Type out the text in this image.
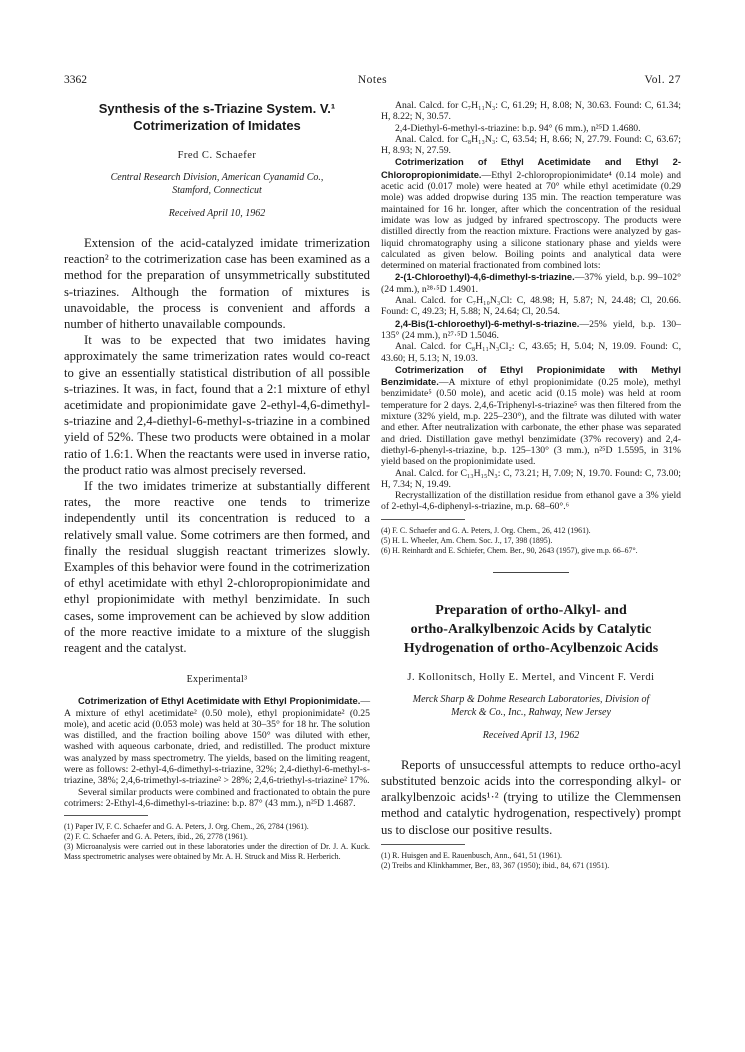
3362	Notes	Vol. 27
Synthesis of the s-Triazine System. V.¹
Cotrimerization of Imidates
Fred C. Schaefer
Central Research Division, American Cyanamid Co.,
Stamford, Connecticut
Received April 10, 1962

Extension of the acid-catalyzed imidate trimerization reaction² to the cotrimerization case has been examined as a method for the preparation of unsymmetrically substituted s-triazines. Although the formation of mixtures is unavoidable, the process is convenient and affords a number of hitherto unavailable compounds.

It was to be expected that two imidates having approximately the same trimerization rates would co-react to give an essentially statistical distribution of all possible s-triazines. It was, in fact, found that a 2:1 mixture of ethyl acetimidate and propionimidate gave 2-ethyl-4,6-dimethyl-s-triazine and 2,4-diethyl-6-methyl-s-triazine in a combined yield of 52%. These two products were obtained in a molar ratio of 1.6:1. When the reactants were used in inverse ratio, the product ratio was almost precisely reversed.

If the two imidates trimerize at substantially different rates, the more reactive one tends to trimerize independently until its concentration is reduced to a relatively small value. Some cotrimers are then formed, and finally the residual sluggish reactant trimerizes slowly. Examples of this behavior were found in the cotrimerization of ethyl acetimidate with ethyl 2-chloropropionimidate and ethyl propionimidate with methyl benzimidate. In such cases, some improvement can be achieved by slow addition of the more reactive imidate to a mixture of the sluggish reagent and the catalyst.

Experimental³

Cotrimerization of Ethyl Acetimidate with Ethyl Propionimidate.—A mixture of ethyl acetimidate² (0.50 mole), ethyl propionimidate² (0.25 mole), and acetic acid (0.053 mole) was held at 30–35° for 18 hr. The solution was distilled, and the fraction boiling above 150° was diluted with ether, washed with aqueous carbonate, dried, and redistilled. The product mixture was analyzed by mass spectrometry. The yields, based on the limiting reagent, were as follows: 2-ethyl-4,6-dimethyl-s-triazine, 32%; 2,4-diethyl-6-methyl-s-triazine, 38%; 2,4,6-trimethyl-s-triazine² > 28%; 2,4,6-triethyl-s-triazine² 17%.

Several similar products were combined and fractionated to obtain the pure cotrimers: 2-Ethyl-4,6-dimethyl-s-triazine: b.p. 87° (43 mm.), n²⁵D 1.4687.

(1) Paper IV, F. C. Schaefer and G. A. Peters, J. Org. Chem., 26, 2784 (1961).

(2) F. C. Schaefer and G. A. Peters, ibid., 26, 2778 (1961).

(3) Microanalysis were carried out in these laboratories under the direction of Dr. J. A. Kuck. Mass spectrometric analyses were obtained by Mr. A. H. Struck and Miss R. Herberich.

Anal. Calcd. for C₇H₁₁N₃: C, 61.29; H, 8.08; N, 30.63. Found: C, 61.34; H, 8.22; N, 30.57.

2,4-Diethyl-6-methyl-s-triazine: b.p. 94° (6 mm.), n²⁵D 1.4680.

Anal. Calcd. for C₈H₁₃N₃: C, 63.54; H, 8.66; N, 27.79. Found: C, 63.67; H, 8.93; N, 27.59.

Cotrimerization of Ethyl Acetimidate and Ethyl 2-Chloropropionimidate.—Ethyl 2-chloropropionimidate⁴ (0.14 mole) and acetic acid (0.017 mole) were heated at 70° while ethyl acetimidate (0.29 mole) was added dropwise during 135 min. The reaction temperature was maintained for 16 hr. longer, after which the concentration of the residual imidate was low as judged by infrared spectroscopy. The products were distilled directly from the reaction mixture. Fractions were analyzed by gas-liquid chromatography using a silicone stationary phase and yields were calculated as given below. Boiling points and analytical data were determined on material fractionated from combined lots:

2-(1-Chloroethyl)-4,6-dimethyl-s-triazine.—37% yield, b.p. 99–102° (24 mm.), n²⁸·⁵D 1.4901.

Anal. Calcd. for C₇H₁₀N₃Cl: C, 48.98; H, 5.87; N, 24.48; Cl, 20.66. Found: C, 49.23; H, 5.88; N, 24.64; Cl, 20.54.

2,4-Bis(1-chloroethyl)-6-methyl-s-triazine.—25% yield, b.p. 130–135° (24 mm.), n²⁷·⁵D 1.5046.

Anal. Calcd. for C₈H₁₁N₃Cl₂: C, 43.65; H, 5.04; N, 19.09. Found: C, 43.60; H, 5.13; N, 19.03.

Cotrimerization of Ethyl Propionimidate with Methyl Benzimidate.—A mixture of ethyl propionimidate (0.25 mole), methyl benzimidate⁵ (0.50 mole), and acetic acid (0.15 mole) was held at room temperature for 2 days. 2,4,6-Triphenyl-s-triazine⁵ was then filtered from the mixture (32% yield, m.p. 225–230°), and the filtrate was diluted with water and ether. After neutralization with carbonate, the ether phase was separated and dried. Distillation gave methyl benzimidate (37% recovery) and 2,4-diethyl-6-phenyl-s-triazine, b.p. 125–130° (3 mm.), n²⁵D 1.5595, in 31% yield based on the propionimidate used.

Anal. Calcd. for C₁₃H₁₅N₃: C, 73.21; H, 7.09; N, 19.70. Found: C, 73.00; H, 7.34; N, 19.49.

Recrystallization of the distillation residue from ethanol gave a 3% yield of 2-ethyl-4,6-diphenyl-s-triazine, m.p. 68–60°.⁶

(4) F. C. Schaefer and G. A. Peters, J. Org. Chem., 26, 412 (1961).

(5) H. L. Wheeler, Am. Chem. Soc. J., 17, 398 (1895).

(6) H. Reinhardt and E. Schiefer, Chem. Ber., 90, 2643 (1957), give m.p. 66–67°.

Preparation of ortho-Alkyl- and
ortho-Aralkylbenzoic Acids by Catalytic
Hydrogenation of ortho-Acylbenzoic Acids
J. Kollonitsch, Holly E. Mertel, and Vincent F. Verdi
Merck Sharp & Dohme Research Laboratories, Division of
Merck & Co., Inc., Rahway, New Jersey
Received April 13, 1962

Reports of unsuccessful attempts to reduce ortho-acyl substituted benzoic acids into the corresponding alkyl- or aralkylbenzoic acids¹·² (trying to utilize the Clemmensen method and catalytic hydrogenation, respectively) prompt us to disclose our positive results.

(1) R. Huisgen and E. Rauenbusch, Ann., 641, 51 (1961).

(2) Treibs and Klinkhammer, Ber., 83, 367 (1950); ibid., 84, 671 (1951).
